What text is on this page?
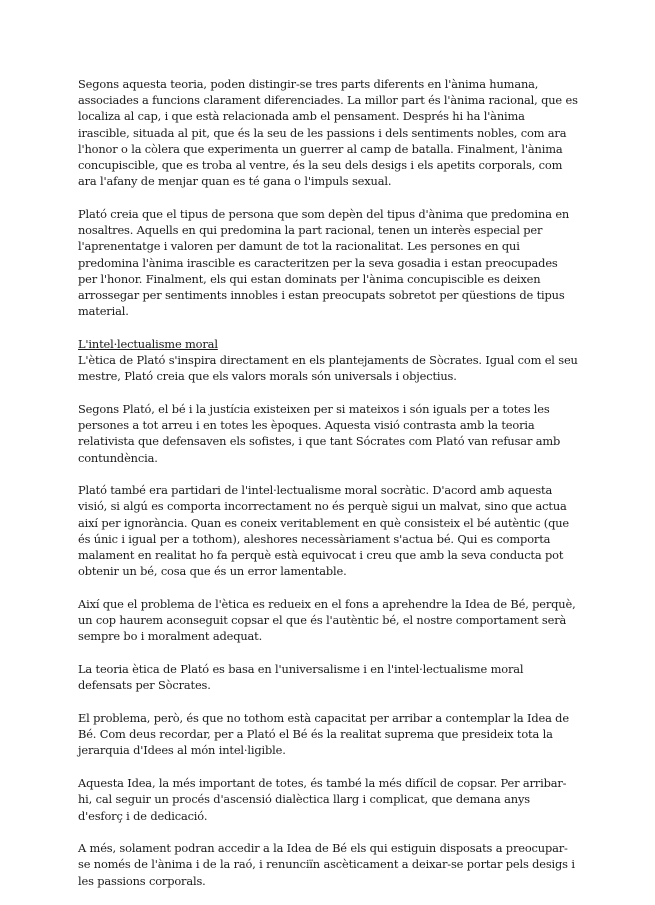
Segons aquesta teoria, poden distingir-se tres parts diferents en l'ànima humana, associades a funcions clarament diferenciades. La millor part és l'ànima racional, que es localiza al cap, i que està relacionada amb el pensament. Després hi ha l'ànima irascible, situada al pit, que és la seu de les passions i dels sentiments nobles, com ara l'honor o la còlera que experimenta un guerrer al camp de batalla. Finalment, l'ànima concupiscible, que es troba al ventre, és la seu dels desigs i els apetits corporals, com ara l'afany de menjar quan es té gana o l'impuls sexual.

Plató creia que el tipus de persona que som depèn del tipus d'ànima que predomina en nosaltres. Aquells en qui predomina la part racional, tenen un interès especial per l'aprenentatge i valoren per damunt de tot la racionalitat. Les persones en qui predomina l'ànima irascible es caracteritzen per la seva gosadia i estan preocupades per l'honor. Finalment, els qui estan dominats per l'ànima concupiscible es deixen arrossegar per sentiments innobles i estan preocupats sobretot per qüestions de tipus material.

L'intel·lectualisme moral

L'ètica de Plató s'inspira directament en els plantejaments de Sòcrates. Igual com el seu mestre, Plató creia que els valors morals són universals i objectius.

Segons Plató, el bé i la justícia existeixen per si mateixos i són iguals per a totes les persones a tot arreu i en totes les èpoques. Aquesta visió contrasta amb la teoria relativista que defensaven els sofistes, i que tant Sócrates com Plató van refusar amb contundència.

Plató també era partidari de l'intel·lectualisme moral socràtic. D'acord amb aquesta visió, si algú es comporta incorrectament no és perquè sigui un malvat, sino que actua així per ignorància. Quan es coneix veritablement en què consisteix el bé autèntic (que és únic i igual per a tothom), aleshores necessàriament s'actua bé. Qui es comporta malament en realitat ho fa perquè està equivocat i creu que amb la seva conducta pot obtenir un bé, cosa que és un error lamentable.

Així que el problema de l'ètica es redueix en el fons a aprehendre la Idea de Bé, perquè, un cop haurem aconseguit copsar el que és l'autèntic bé, el nostre comportament serà sempre bo i moralment adequat.

La teoria ètica de Plató es basa en l'universalisme i en l'intel·lectualisme moral defensats per Sòcrates.

El problema, però, és que no tothom està capacitat per arribar a contemplar la Idea de Bé. Com deus recordar, per a Plató el Bé és la realitat suprema que presideix tota la jerarquia d'Idees al món intel·ligible.

Aquesta Idea, la més important de totes, és també la més difícil de copsar. Per arribar-hi, cal seguir un procés d'ascensió dialèctica llarg i complicat, que demana anys d'esforç i de dedicació.

A més, solament podran accedir a la Idea de Bé els qui estiguin disposats a preocupar-se només de l'ànima i de la raó, i renunciïn ascèticament a deixar-se portar pels desigs i les passions corporals.
